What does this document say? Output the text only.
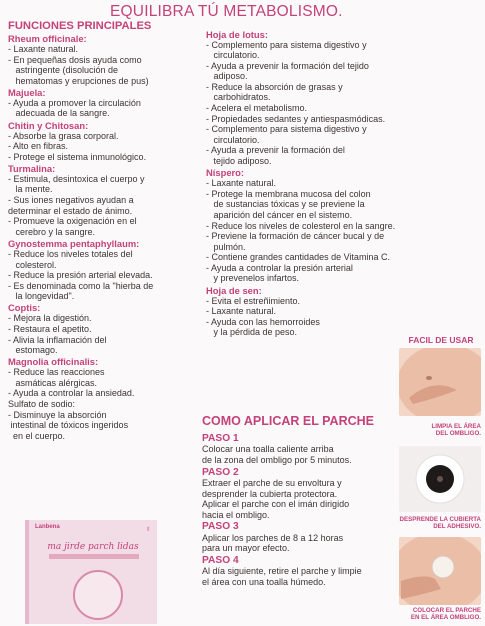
EQUILIBRA TÚ METABOLISMO.
FUNCIONES PRINCIPALES
Rheum officinale:
- Laxante natural.
- En pequeñas dosis ayuda como
astringente (disolución de
hematomas y erupciones de pus)
Majuela:
- Ayuda a promover la circulación
adecuada de la sangre.
Chitin y Chitosan:
- Absorbe la grasa corporal.
- Alto en fibras.
- Protege el sistema inmunológico.
Turmalina:
- Estimula, desintoxica el cuerpo y
la mente.
- Sus iones negativos ayudan a
determinar el estado de ánimo.
- Promueve la oxigenación en el
cerebro y la sangre.
Gynostemma pentaphyllaum:
- Reduce los niveles totales del
colesterol.
- Reduce la presión arterial elevada.
- Es denominada como la "hierba de
la longevidad".
Coptis:
- Mejora la digestión.
- Restaura el apetito.
- Alivia la inflamación del
estomago.
Magnolia officinalis:
- Reduce las reacciones
asmáticas alérgicas.
- Ayuda a controlar la ansiedad.
Sulfato de sodio:
- Disminuye la absorción
intestinal de tóxicos ingeridos
en el cuerpo.
Hoja de lotus:
- Complemento para sistema digestivo y
circulatorio.
- Ayuda a prevenir la formación del tejido
adiposo.
- Reduce la absorción de grasas y
carbohidratos.
- Acelera el metabolismo.
- Propiedades sedantes y antiespasmódicas.
- Complemento para sistema digestivo y
circulatorio.
- Ayuda a prevenir la formación del
tejido adiposo.
Níspero:
- Laxante natural.
- Protege la membrana mucosa del colon
de sustancias tóxicas y se previene la
aparición del cáncer en el sistemo.
- Reduce los niveles de colesterol en la sangre.
- Previene la formación de cáncer bucal y de
pulmón.
- Contiene grandes cantidades de Vitamina C.
- Ayuda a controlar la presión arterial
y prevenelos infartos.
Hoja de sen:
- Evita el estreñimiento.
- Laxante natural.
- Ayuda con las hemorroides
y la pérdida de peso.
COMO APLICAR EL PARCHE
PASO 1
Colocar una toalla caliente arriba
de la zona del ombligo por 5 minutos.
PASO 2
Extraer el parche de su envoltura y
desprender la cubierta protectora.
Aplicar el parche con el imán dirigido
hacia el ombligo.
PASO 3
Aplicar los parches de 8 a 12 horas
para un mayor efecto.
PASO 4
Al día siguiente, retire el parche y limpie
el área con una toalla húmedo.
FACIL DE USAR
LIMPIA EL ÁREA
DEL OMBLIGO.
DESPRENDE LA CUBIERTA
DEL ADHESIVO.
COLOCAR EL PARCHE
EN EL ÁREA OMBLIGO.
Lanbena	♁
ma jirde parch lidas
